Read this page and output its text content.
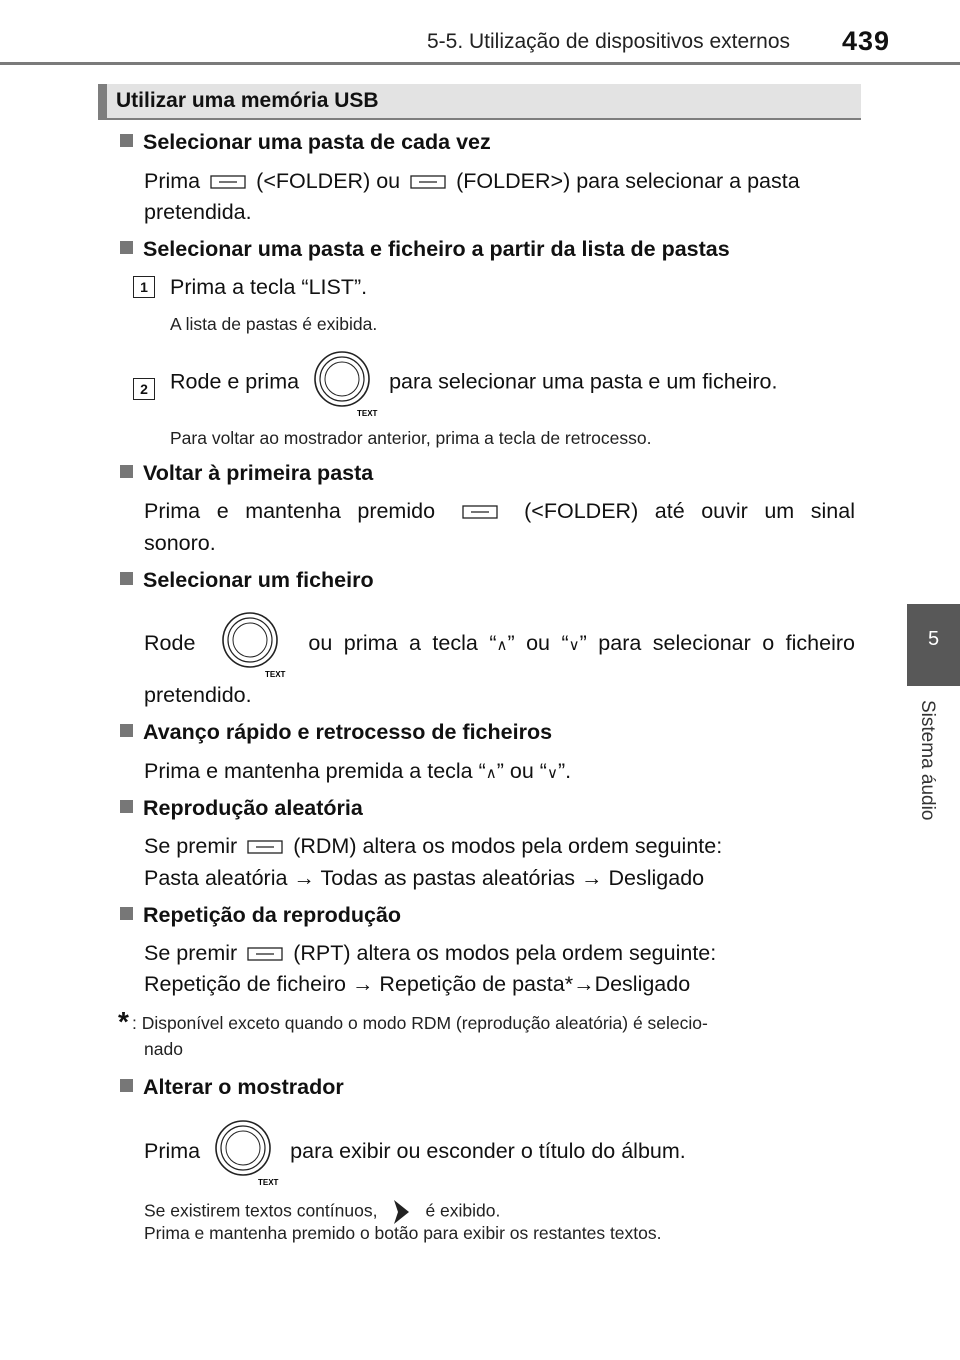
5-5. Utilização de dispositivos externos 439
5
Sistema áudio
Utilizar uma memória USB
Selecionar uma pasta de cada vez
Prima	(<FOLDER) ou	(FOLDER>) para selecionar a pasta
pretendida.
Selecionar uma pasta e ficheiro a partir da lista de pastas
1	Prima a tecla “LIST”.
A lista de pastas é exibida.
2	Rode e prima
TEXT
para selecionar uma pasta e um ficheiro.
Para voltar ao mostrador anterior, prima a tecla de retrocesso.
Voltar à primeira pasta
Prima e mantenha premido	(<FOLDER) até ouvir um sinal
sonoro.
Selecionar um ficheiro
Rode
TEXT
ou prima a tecla “∧” ou “∨” para selecionar o ficheiro
pretendido.
Avanço rápido e retrocesso de ficheiros
Prima e mantenha premida a tecla “∧” ou “∨”.
Reprodução aleatória
Se premir	(RDM) altera os modos pela ordem seguinte:
Pasta aleatória → Todas as pastas aleatórias → Desligado
Repetição da reprodução
Se premir	(RPT) altera os modos pela ordem seguinte:
Repetição de ficheiro → Repetição de pasta*→Desligado
* : Disponível exceto quando o modo RDM (reprodução aleatória) é selecio-
nado
Alterar o mostrador
Prima
TEXT
para exibir ou esconder o título do álbum.
Se existirem textos contínuos,	é exibido.
Prima e mantenha premido o botão para exibir os restantes textos.
